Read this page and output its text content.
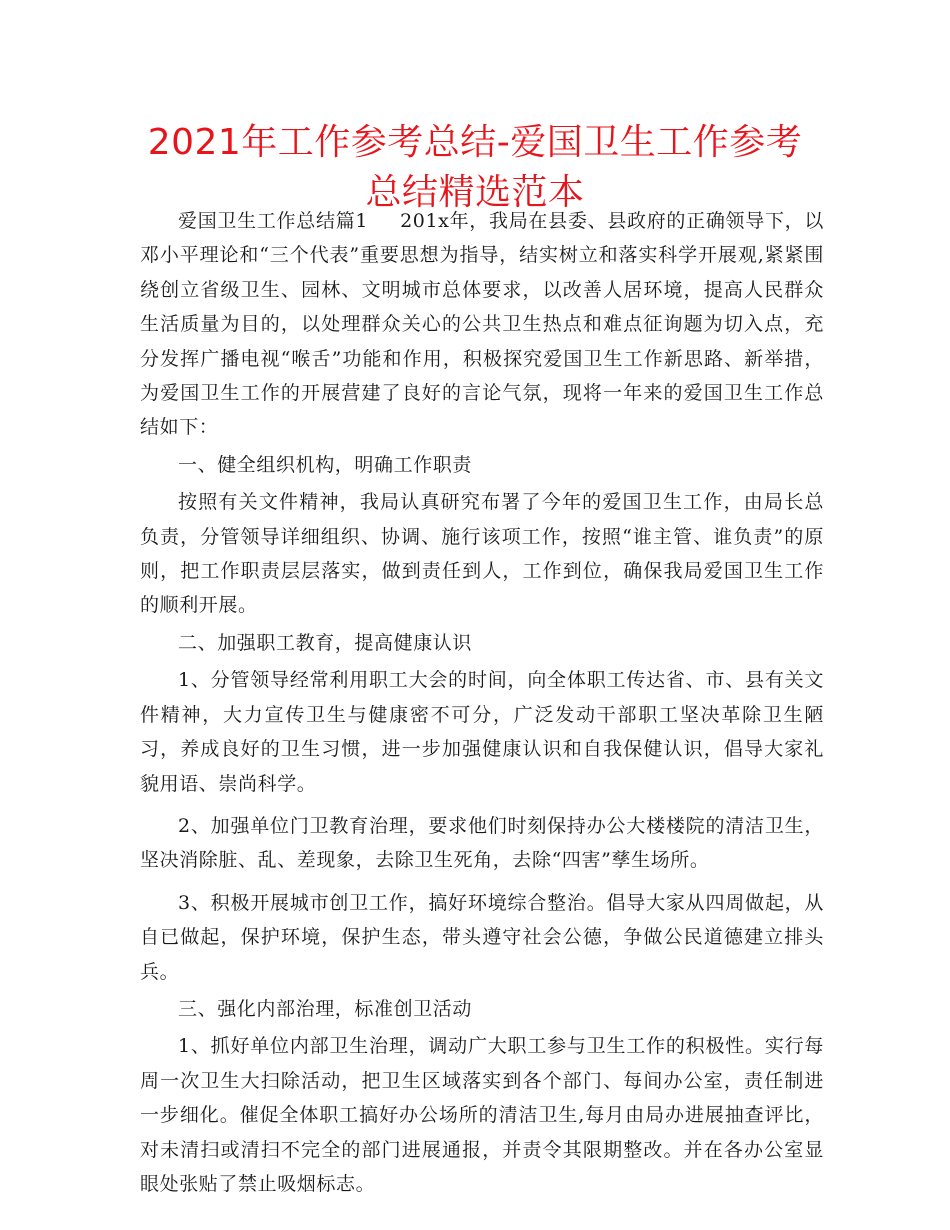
2021年工作参考总结-爱国卫生工作参考总结精选范本

爱国卫生工作总结篇1 201x年，我局在县委、县政府的正确领导下，以邓小平理论和“三个代表”重要思想为指导，结实树立和落实科学开展观,紧紧围绕创立省级卫生、园林、文明城市总体要求，以改善人居环境，提高人民群众生活质量为目的，以处理群众关心的公共卫生热点和难点征询题为切入点，充分发挥广播电视“喉舌”功能和作用，积极探究爱国卫生工作新思路、新举措，为爱国卫生工作的开展营建了良好的言论气氛，现将一年来的爱国卫生工作总结如下：

一、健全组织机构，明确工作职责

按照有关文件精神，我局认真研究布署了今年的爱国卫生工作，由局长总负责，分管领导详细组织、协调、施行该项工作，按照“谁主管、谁负责”的原则，把工作职责层层落实，做到责任到人，工作到位，确保我局爱国卫生工作的顺利开展。

二、加强职工教育，提高健康认识

1、分管领导经常利用职工大会的时间，向全体职工传达省、市、县有关文件精神，大力宣传卫生与健康密不可分，广泛发动干部职工坚决革除卫生陋习，养成良好的卫生习惯，进一步加强健康认识和自我保健认识，倡导大家礼貌用语、崇尚科学。

2、加强单位门卫教育治理，要求他们时刻保持办公大楼楼院的清洁卫生，坚决消除脏、乱、差现象，去除卫生死角，去除“四害”孳生场所。

3、积极开展城市创卫工作，搞好环境综合整治。倡导大家从四周做起，从自已做起，保护环境，保护生态，带头遵守社会公德，争做公民道德建立排头兵。

三、强化内部治理，标准创卫活动

1、抓好单位内部卫生治理，调动广大职工参与卫生工作的积极性。实行每周一次卫生大扫除活动，把卫生区域落实到各个部门、每间办公室，责任制进一步细化。催促全体职工搞好办公场所的清洁卫生,每月由局办进展抽查评比，对未清扫或清扫不完全的部门进展通报，并责令其限期整改。并在各办公室显眼处张贴了禁止吸烟标志。
